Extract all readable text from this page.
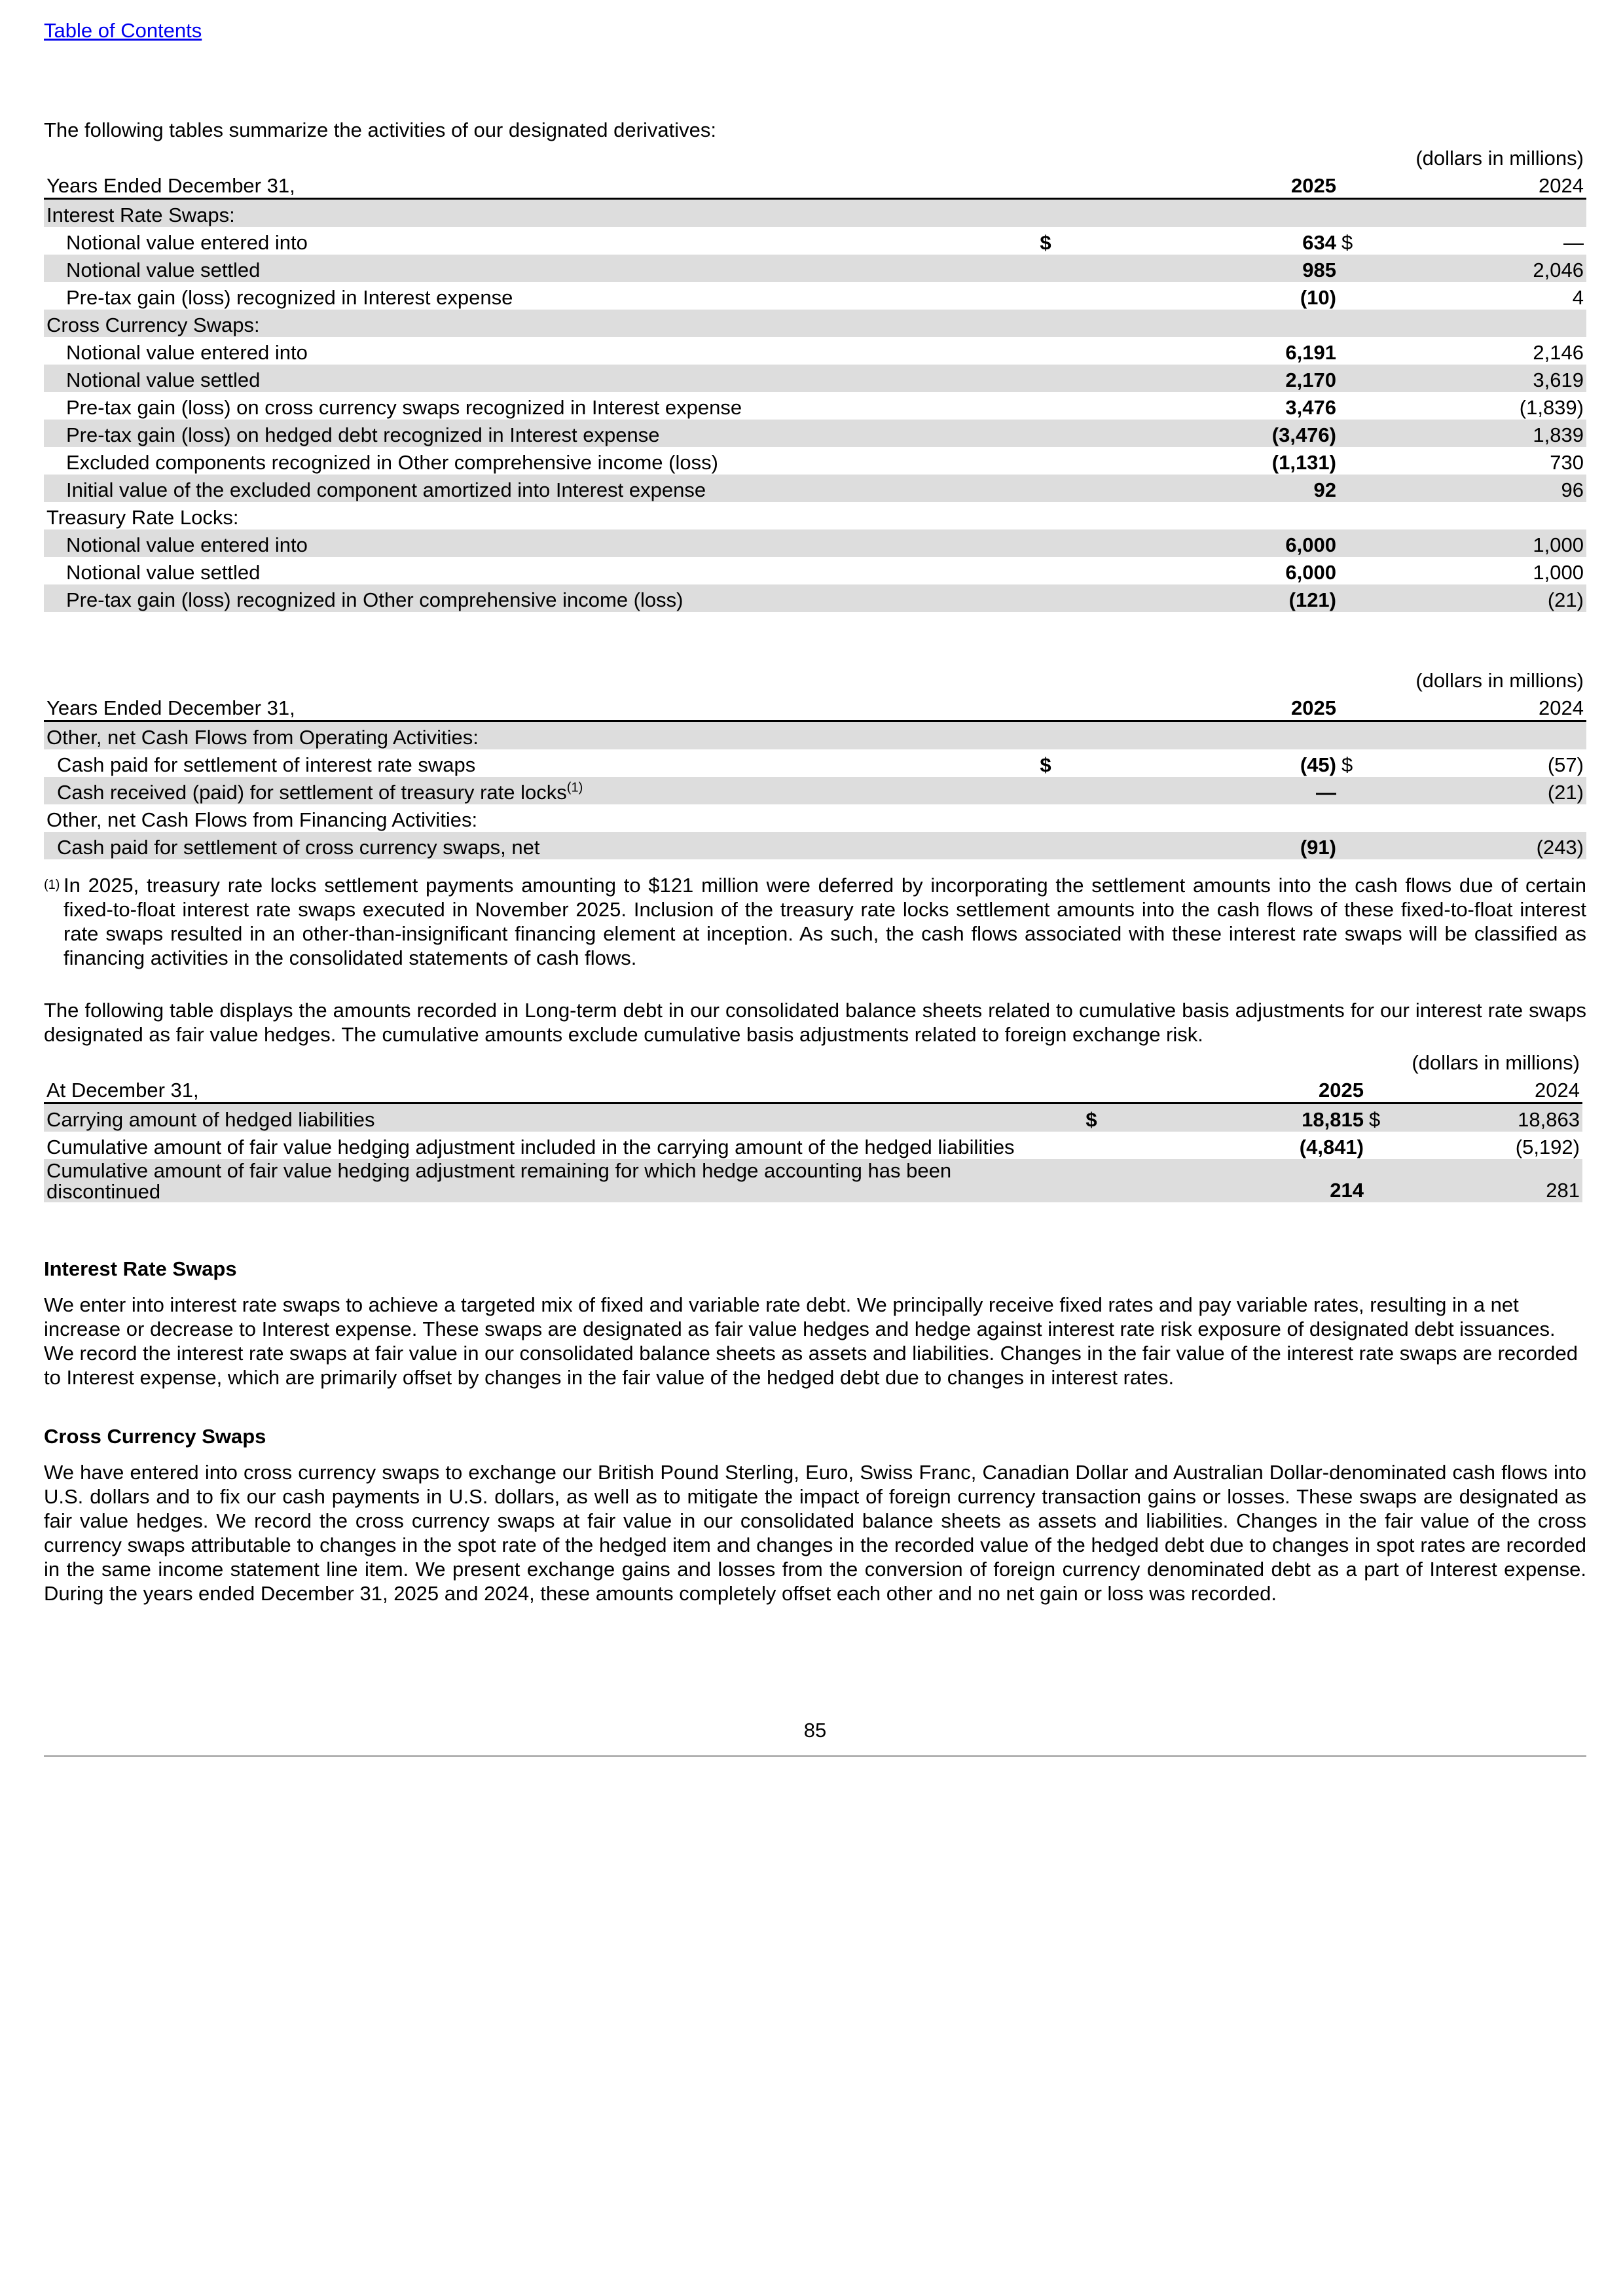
Table of Contents

The following tables summarize the activities of our designated derivatives:

				(dollars in millions)
Years Ended December 31,		2025		2024
Interest Rate Swaps:				
Notional value entered into	$	634	$	—
Notional value settled		985		2,046
Pre-tax gain (loss) recognized in Interest expense		(10)		4
Cross Currency Swaps:				
Notional value entered into		6,191		2,146
Notional value settled		2,170		3,619
Pre-tax gain (loss) on cross currency swaps recognized in Interest expense		3,476		(1,839)
Pre-tax gain (loss) on hedged debt recognized in Interest expense		(3,476)		1,839
Excluded components recognized in Other comprehensive income (loss)		(1,131)		730
Initial value of the excluded component amortized into Interest expense		92		96
Treasury Rate Locks:				
Notional value entered into		6,000		1,000
Notional value settled		6,000		1,000
Pre-tax gain (loss) recognized in Other comprehensive income (loss)		(121)		(21)
				(dollars in millions)
Years Ended December 31,		2025		2024
Other, net Cash Flows from Operating Activities:				
Cash paid for settlement of interest rate swaps	$	(45)	$	(57)
Cash received (paid) for settlement of treasury rate locks$^{(1)}$		—		(21)
Other, net Cash Flows from Financing Activities:				
Cash paid for settlement of cross currency swaps, net		(91)		(243)
(1) In 2025, treasury rate locks settlement payments amounting to $121 million were deferred by incorporating the settlement amounts into the cash flows due of certain fixed-to-float interest rate swaps executed in November 2025. Inclusion of the treasury rate locks settlement amounts into the cash flows of these fixed-to-float interest rate swaps resulted in an other-than-insignificant financing element at inception. As such, the cash flows associated with these interest rate swaps will be classified as financing activities in the consolidated statements of cash flows.

The following table displays the amounts recorded in Long-term debt in our consolidated balance sheets related to cumulative basis adjustments for our interest rate swaps designated as fair value hedges. The cumulative amounts exclude cumulative basis adjustments related to foreign exchange risk.

				(dollars in millions)
At December 31,		2025		2024
Carrying amount of hedged liabilities	$	18,815	$	18,863
Cumulative amount of fair value hedging adjustment included in the carrying amount of the hedged liabilities		(4,841)		(5,192)
Cumulative amount of fair value hedging adjustment remaining for which hedge accounting has been discontinued		214		281
Interest Rate Swaps

We enter into interest rate swaps to achieve a targeted mix of fixed and variable rate debt. We principally receive fixed rates and pay variable rates, resulting in a net increase or decrease to Interest expense. These swaps are designated as fair value hedges and hedge against interest rate risk exposure of designated debt issuances. We record the interest rate swaps at fair value in our consolidated balance sheets as assets and liabilities. Changes in the fair value of the interest rate swaps are recorded to Interest expense, which are primarily offset by changes in the fair value of the hedged debt due to changes in interest rates.

Cross Currency Swaps

We have entered into cross currency swaps to exchange our British Pound Sterling, Euro, Swiss Franc, Canadian Dollar and Australian Dollar-denominated cash flows into U.S. dollars and to fix our cash payments in U.S. dollars, as well as to mitigate the impact of foreign currency transaction gains or losses. These swaps are designated as fair value hedges. We record the cross currency swaps at fair value in our consolidated balance sheets as assets and liabilities. Changes in the fair value of the cross currency swaps attributable to changes in the spot rate of the hedged item and changes in the recorded value of the hedged debt due to changes in spot rates are recorded in the same income statement line item. We present exchange gains and losses from the conversion of foreign currency denominated debt as a part of Interest expense. During the years ended December 31, 2025 and 2024, these amounts completely offset each other and no net gain or loss was recorded.

85
